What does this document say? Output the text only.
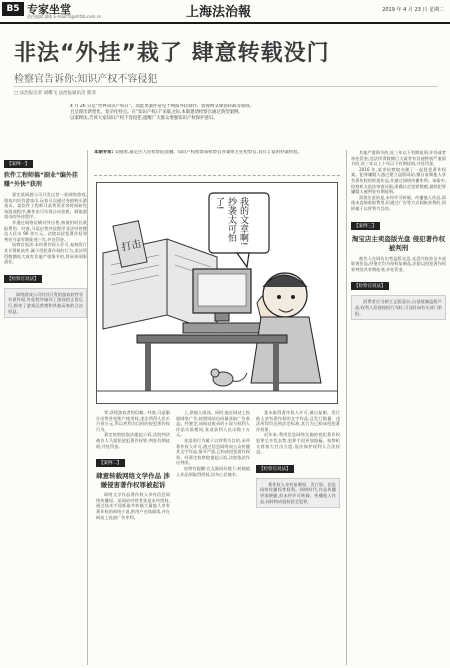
B5 专家坐堂
责任编辑 潘敏 E-mail:fz@shfzb.com.cn	上海法治報	2019 年 4 月 23 日 星期二
非法“外挂”栽了 肆意转载没门
检察官告诉你:知识产权不容侵犯
□ 法治报记者 胡蝶飞 法治报通讯员 熊菲
4 月 26 日是“世界知识产权日”。而此类案件常见于网游外挂制作、影视网文肆意转载等领域,
且呈现出新型化、复杂化特点。在“知识产权日”来临之际,本版邀请检察官通过典型案例,
以案释法,告诉大家知识产权不容侵犯,提醒广大群众增强知识产权保护意识。
【案例一】
软件工程师搞“副业”编外挂赚“外快”获刑

嘉定某网游公司开发运营一款网络游戏,游戏内设有游戏币,玩家可以通过充值购买游戏币。某软件工程师马某利用业余时间研究该游戏程序,制作出可实现自动挂机、刷取游戏币的外挂程序,

并通过网络店铺对外出售,按使用时长收取费用。经查,马某出售外挂程序非法经营额达人民币 90 余万元。法院以侵犯著作权罪判处马某有期徒刑三年,并处罚金。

检察官说法:未经著作权人许可,复制发行其计算机软件,属于侵犯著作权的行为,违法所得数额较大或有其他严重情节的,将承担刑事责任。

【检察官说法】

网络游戏公司对其开发的游戏软件享有著作权,外挂程序破坏了游戏的正常运行,损害了游戏运营商和其他玩家的合法权益。

本期专家: 吴晓勇,嘉定区人民检察院金融、知识产权检察部检察官办案组主任检察官,具有丰富的办案经验。
打击
我的文章啊!抄袭太可怕了!

等,获得游戏者的信赖。经查,马某累计出售外挂账户使用权,违法所得人民币百余万元,系以营利为目的的侵犯著作权行为。

嘉定检察院依法提起公诉,法院判决被告人马某犯侵犯著作权罪,判处有期徒刑,并处罚金。

【案例二】
肆意转载网络文学作品 涉嫌侵害著作权罪被起诉

网络文学作品著作权人享有信息网络传播权。某网站经营者张某未经授权,通过技术手段抓取并转载大量他人享有著作权的网络小说,供用户在线阅读,并在网站上投放广告牟利。

上,供他人阅读。同时,他在网站上投放网络广告,按照网站访问量获取广告收益。经鉴定,该网站收录的小说与权利人作品实质相同,张某获利人民币数十万元。

张某的行为属于以营利为目的,未经著作权人许可,通过信息网络向公众传播其文字作品,情节严重,已构成侵犯著作权罪。经嘉定检察院提起公诉,法院依法作出判决。

检察官提醒:在互联网环境下,转载他人作品须取得授权,切勿心存侥幸。

某未取得著作权人许可,擅自复制、发行他人享有著作权的文字作品,且发行数量、违法所得均达到法定标准,其行为已构成侵犯著作权罪。

近年来,利用信息网络实施的侵犯著作权犯罪呈多发态势,犯罪手段更加隐蔽。检察机关将加大打击力度,依法保护权利人合法权益。

【检察官说法】

著作权人享有复制权、发行权、信息网络传播权等权利。网络时代,作品传播更加便捷,但未经许可转载、传播他人作品,同样构成侵权甚至犯罪。

其他严重情节的,处三年以下有期徒刑,并处或者单处罚金;违法所得数额巨大或者有其他特别严重情节的,处三年以上十年以下有期徒刑,并处罚金。

2016 年,某市检察院办理了一起侵犯著作权案。犯罪嫌疑人通过建立盗版网站,擅自复制他人享有著作权的影视作品,并通过网络传播牟利。该案中,检察机关依法审查证据,准确认定犯罪数额,最终犯罪嫌疑人被判处有期徒刑。

需要注意的是,未经许可转载、传播他人作品,即使未直接收取费用,但通过广告等方式间接获利的,同样属于以营利为目的。

【案例三】
淘宝店主卖盗版光盘 侵犯著作权被判刑

被告人在网店出售盗版光盘,光盘内容涉及多部影视作品,经鉴定均为侵权复制品,法院以侵犯著作权罪判处其有期徒刑,并处罚金。

【检察官说法】

消费者应当树立正版意识,自觉抵制盗版产品;权利人发现侵权行为时,可及时向有关部门举报。
